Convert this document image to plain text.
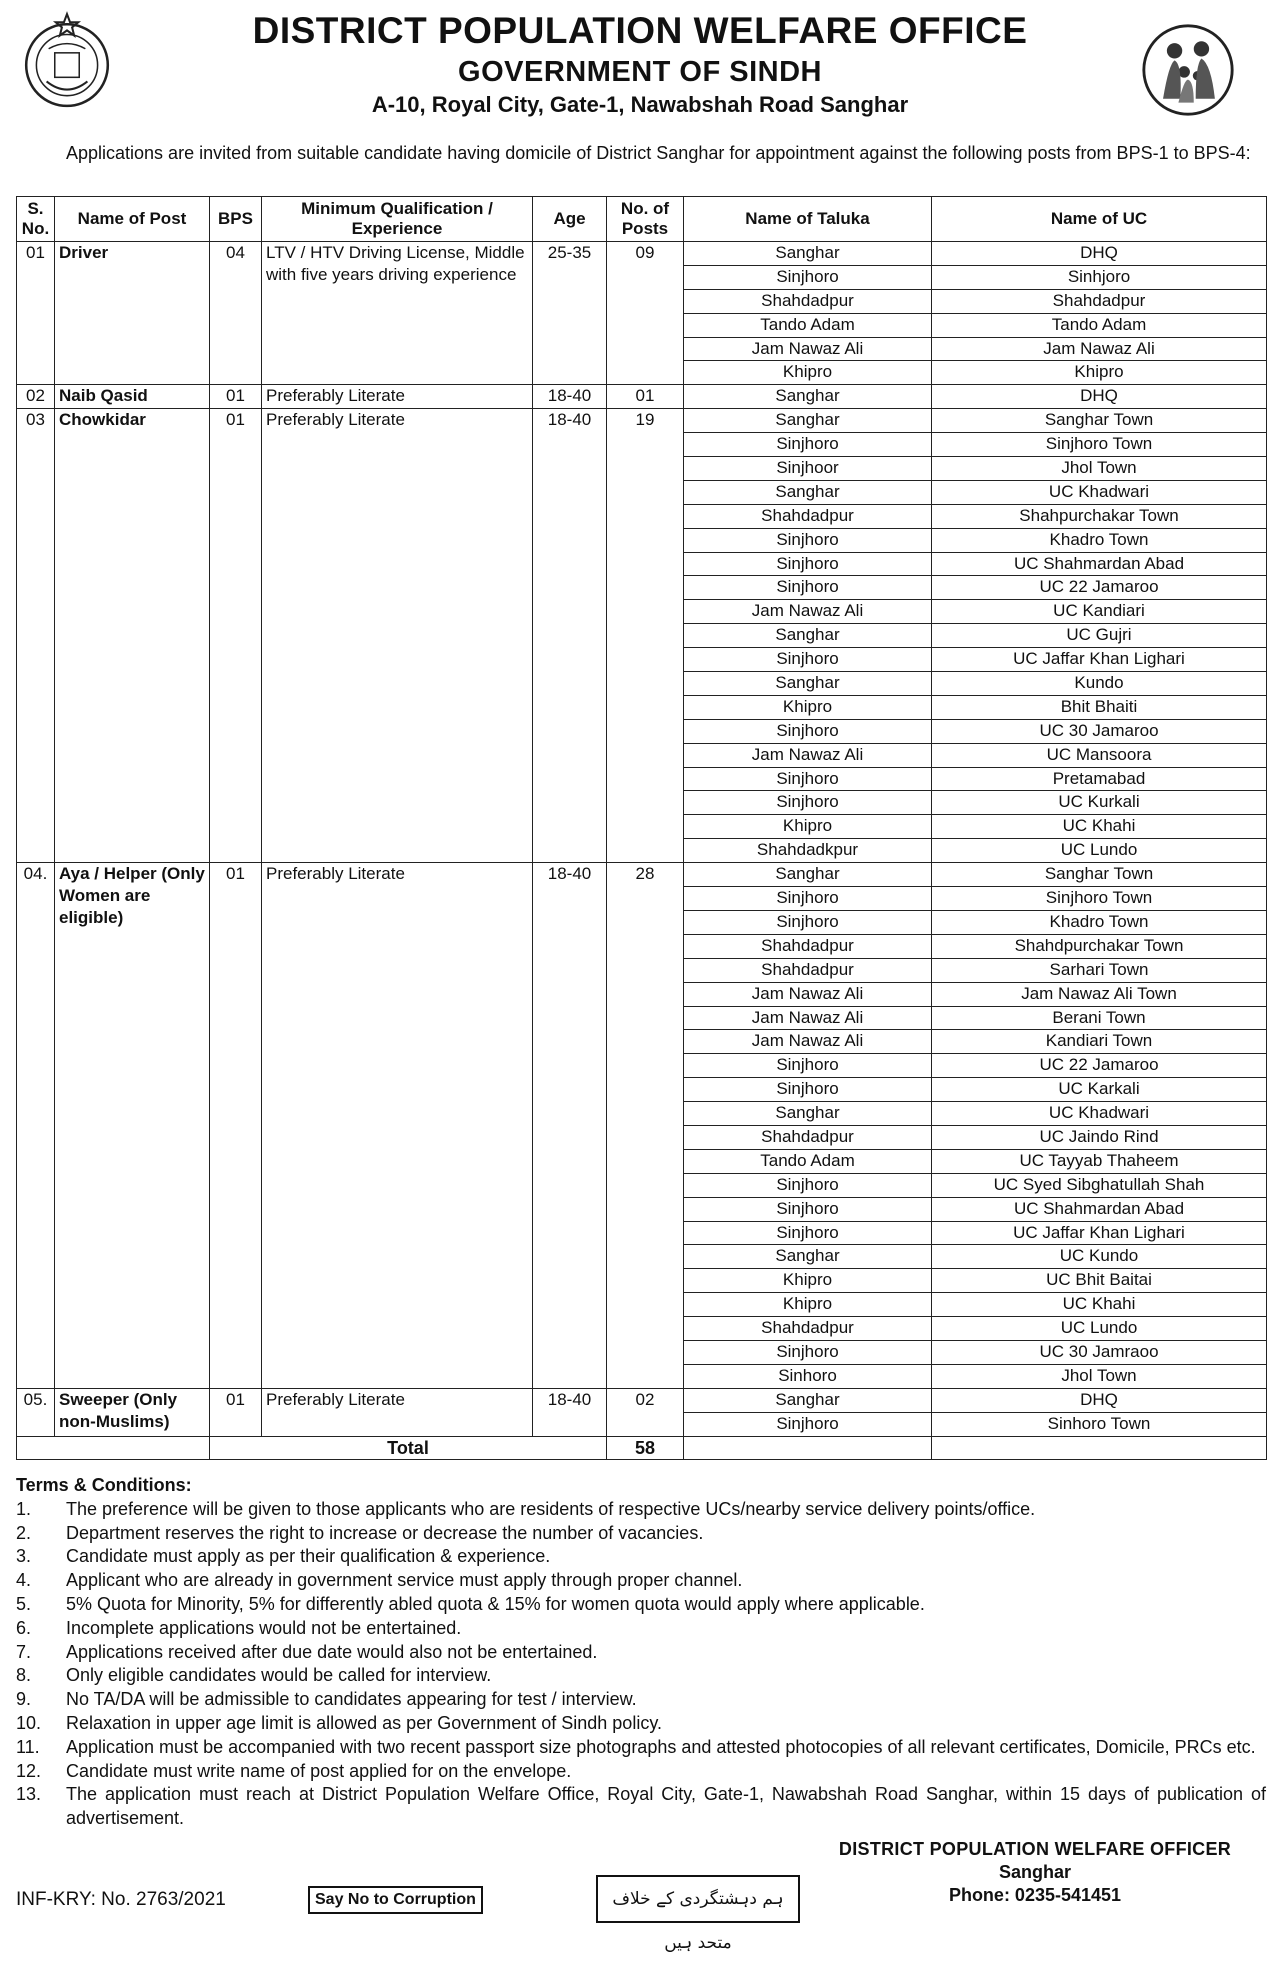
DISTRICT POPULATION WELFARE OFFICE
GOVERNMENT OF SINDH
A-10, Royal City, Gate-1, Nawabshah Road Sanghar
Applications are invited from suitable candidate having domicile of District Sanghar for appointment against the following posts from BPS-1 to BPS-4:
S. No.	Name of Post	BPS	Minimum Qualification / Experience	Age	No. of Posts	Name of Taluka	Name of UC
01	Driver	04	LTV / HTV Driving License, Middle with five years driving experience	25-35	09	Sanghar	DHQ
						Sinjhoro	Sinhjoro
						Shahdadpur	Shahdadpur
						Tando Adam	Tando Adam
						Jam Nawaz Ali	Jam Nawaz Ali
						Khipro	Khipro
02	Naib Qasid	01	Preferably Literate	18-40	01	Sanghar	DHQ
03	Chowkidar	01	Preferably Literate	18-40	19	Sanghar	Sanghar Town
						Sinjhoro	Sinjhoro Town
						Sinjhoor	Jhol Town
						Sanghar	UC Khadwari
						Shahdadpur	Shahpurchakar Town
						Sinjhoro	Khadro Town
						Sinjhoro	UC Shahmardan Abad
						Sinjhoro	UC 22 Jamaroo
						Jam Nawaz Ali	UC Kandiari
						Sanghar	UC Gujri
						Sinjhoro	UC Jaffar Khan Lighari
						Sanghar	Kundo
						Khipro	Bhit Bhaiti
						Sinjhoro	UC 30 Jamaroo
						Jam Nawaz Ali	UC Mansoora
						Sinjhoro	Pretamabad
						Sinjhoro	UC Kurkali
						Khipro	UC Khahi
						Shahdadkpur	UC Lundo
04.	Aya / Helper (Only Women are eligible)	01	Preferably Literate	18-40	28	Sanghar	Sanghar Town
						Sinjhoro	Sinjhoro Town
						Sinjhoro	Khadro Town
						Shahdadpur	Shahdpurchakar Town
						Shahdadpur	Sarhari Town
						Jam Nawaz Ali	Jam Nawaz Ali Town
						Jam Nawaz Ali	Berani Town
						Jam Nawaz Ali	Kandiari Town
						Sinjhoro	UC 22 Jamaroo
						Sinjhoro	UC Karkali
						Sanghar	UC Khadwari
						Shahdadpur	UC Jaindo Rind
						Tando Adam	UC Tayyab Thaheem
						Sinjhoro	UC Syed Sibghatullah Shah
						Sinjhoro	UC Shahmardan Abad
						Sinjhoro	UC Jaffar Khan Lighari
						Sanghar	UC Kundo
						Khipro	UC Bhit Baitai
						Khipro	UC Khahi
						Shahdadpur	UC Lundo
						Sinjhoro	UC 30 Jamraoo
						Sinhoro	Jhol Town
05.	Sweeper (Only non-Muslims)	01	Preferably Literate	18-40	02	Sanghar	DHQ
						Sinjhoro	Sinhoro Town
		Total			58		
Terms & Conditions:
1.	The preference will be given to those applicants who are residents of respective UCs/nearby service delivery points/office.
2.	Department reserves the right to increase or decrease the number of vacancies.
3.	Candidate must apply as per their qualification & experience.
4.	Applicant who are already in government service must apply through proper channel.
5.	5% Quota for Minority, 5% for differently abled quota & 15% for women quota would apply where applicable.
6.	Incomplete applications would not be entertained.
7.	Applications received after due date would also not be entertained.
8.	Only eligible candidates would be called for interview.
9.	No TA/DA will be admissible to candidates appearing for test / interview.
10.	Relaxation in upper age limit is allowed as per Government of Sindh policy.
11.	Application must be accompanied with two recent passport size photographs and attested photocopies of all relevant certificates, Domicile, PRCs etc.
12.	Candidate must write name of post applied for on the envelope.
13.	The application must reach at District Population Welfare Office, Royal City, Gate-1, Nawabshah Road Sanghar, within 15 days of publication of advertisement.
DISTRICT POPULATION WELFARE OFFICER
Sanghar
Phone: 0235-541451
INF-KRY: No. 2763/2021	Say No to Corruption	ہم دہشتگردی کے خلاف متحد ہیں
